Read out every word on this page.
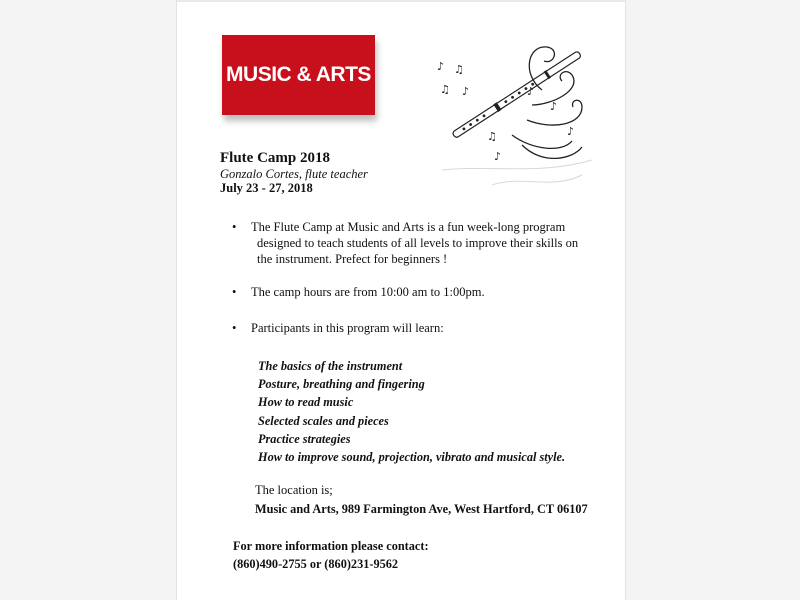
MUSIC & ARTS	♪ ♫
♫ ♪	♪
♪
♫
♪
♪
Flute Camp 2018
Gonzalo Cortes, flute teacher
July 23 - 27, 2018
•	The Flute Camp at Music and Arts is a fun week-long program
designed to teach students of all levels to improve their skills on
the instrument. Prefect for beginners !
•	The camp hours are from 10:00 am to 1:00pm.
•	Participants in this program will learn:
The basics of the instrument
Posture, breathing and fingering
How to read music
Selected scales and pieces
Practice strategies
How to improve sound, projection, vibrato and musical style.
The location is;
Music and Arts, 989 Farmington Ave, West Hartford, CT 06107
For more information please contact:
(860)490-2755 or (860)231-9562
